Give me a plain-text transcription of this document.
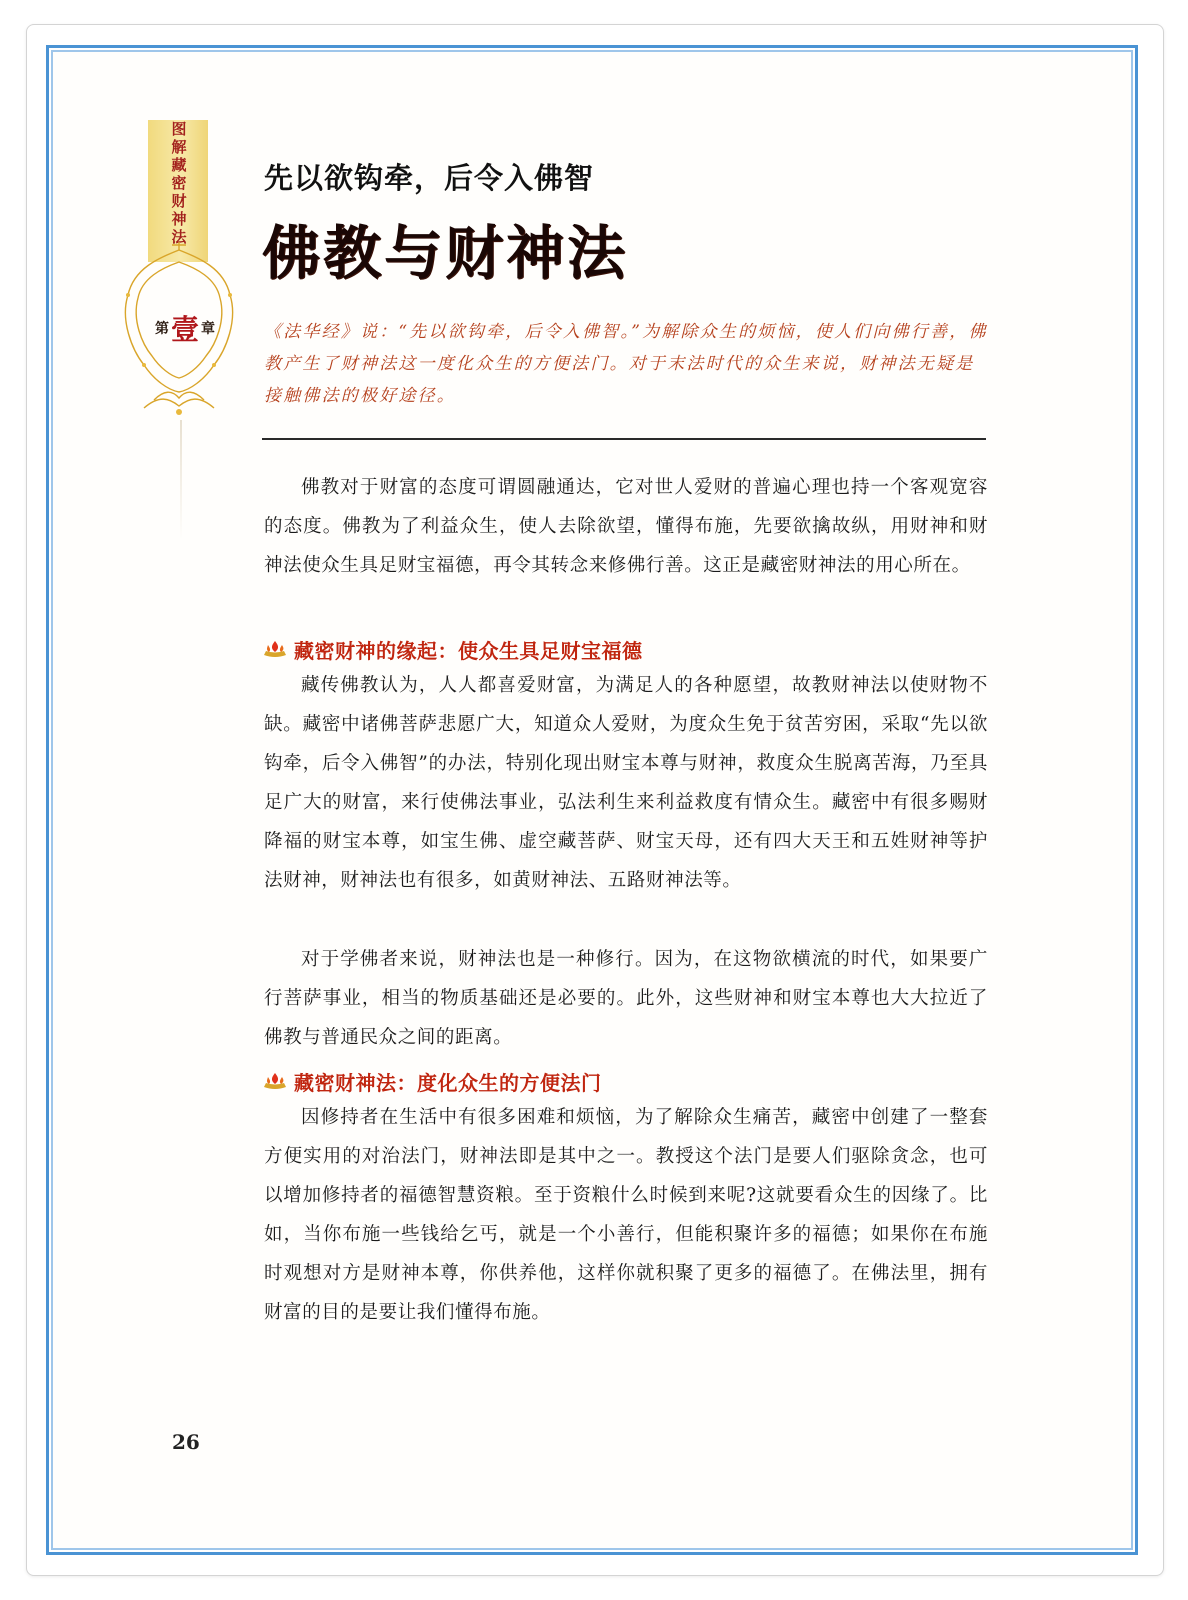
图解藏密财神法
第 壹 章
先以欲钩牵，后令入佛智
佛教与财神法

《法华经》说：“先以欲钩牵，后令入佛智。”为解除众生的烦恼，使人们向佛行善，佛教产生了财神法这一度化众生的方便法门。对于末法时代的众生来说，财神法无疑是接触佛法的极好途径。

佛教对于财富的态度可谓圆融通达，它对世人爱财的普遍心理也持一个客观宽容的态度。佛教为了利益众生，使人去除欲望，懂得布施，先要欲擒故纵，用财神和财神法使众生具足财宝福德，再令其转念来修佛行善。这正是藏密财神法的用心所在。

藏密财神的缘起：使众生具足财宝福德

藏传佛教认为，人人都喜爱财富，为满足人的各种愿望，故教财神法以使财物不缺。藏密中诸佛菩萨悲愿广大，知道众人爱财，为度众生免于贫苦穷困，采取“先以欲钩牵，后令入佛智”的办法，特别化现出财宝本尊与财神，救度众生脱离苦海，乃至具足广大的财富，来行使佛法事业，弘法利生来利益救度有情众生。藏密中有很多赐财降福的财宝本尊，如宝生佛、虚空藏菩萨、财宝天母，还有四大天王和五姓财神等护法财神，财神法也有很多，如黄财神法、五路财神法等。

对于学佛者来说，财神法也是一种修行。因为，在这物欲横流的时代，如果要广行菩萨事业，相当的物质基础还是必要的。此外，这些财神和财宝本尊也大大拉近了佛教与普通民众之间的距离。

藏密财神法：度化众生的方便法门

因修持者在生活中有很多困难和烦恼，为了解除众生痛苦，藏密中创建了一整套方便实用的对治法门，财神法即是其中之一。教授这个法门是要人们驱除贪念，也可以增加修持者的福德智慧资粮。至于资粮什么时候到来呢?这就要看众生的因缘了。比如，当你布施一些钱给乞丐，就是一个小善行，但能积聚许多的福德；如果你在布施时观想对方是财神本尊，你供养他，这样你就积聚了更多的福德了。在佛法里，拥有财富的目的是要让我们懂得布施。

26
